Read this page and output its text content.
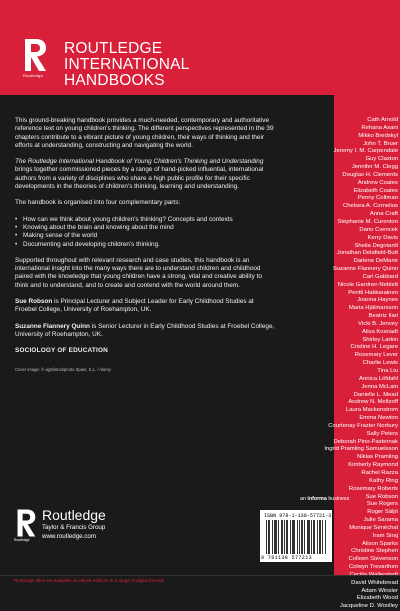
Routledge
ROUTLEDGE
INTERNATIONAL
HANDBOOKS
Cath Arnold
Rehana Asani
Mikko Bredskyl
John T. Bruer
Jeremy I. M. Carpendale
Guy Claxton
Jennifer M. Clegg
Douglas H. Clements
Andrew Coates
Elizabeth Coates
Penny Coltman
Chelsea A. Cornelius
Anna Craft
Stephanie M. Curenton
Dario Cvencek
Kerry Davis
Sheila Degotardi
Jonathan Delafield-Butt
Darlene DeMarie
Suzanne Flannery Quinn
Carl Gabbard
Nicole Gardner-Neblett
Pentti Hakkarainen
Joanna Haynes
Maria Hjälmarsson
Beatriz Ilari
Vicki B. Jenvey
Alisa Kosnadt
Shirley Larkin
Cristine H. Legare
Rosemary Lever
Charlie Lewis
Tina Liu
Annica Löfdahl
Jenna McLain
Danielle L. Mead
Andrew N. Meltzoff
Laura Mackenstrom
Emma Newton
Courtenay Frazier Norbury
Sally Peters
Deborah Pino-Pasternak
Ingrid Pramling Samuelsson
Niklas Pramling
Kimberly Raymond
Rachel Razza
Kathy Ring
Rosemary Roberts
Sue Robson
Sue Rogers
Roger Säljö
Julie Sarama
Monique Sénéchal
Iram Siraj
Alison Sparks
Christine Stephen
Colleen Stevenson
Colwyn Trevarthen
David Whitebread
Adam Winsler
Elizabeth Wood
Jacqueline D. Woolley

This ground-breaking handbook provides a much-needed, contemporary and authoritative reference text on young children's thinking. The different perspectives represented in the 39 chapters contribute to a vibrant picture of young children, their ways of thinking and their efforts at understanding, constructing and navigating the world.

The Routledge International Handbook of Young Children's Thinking and Understanding brings together commissioned pieces by a range of hand-picked influential, international authors from a variety of disciplines who share a high public profile for their specific developments in the theories of children's thinking, learning and understanding.

The handbook is organised into four complementary parts:

• How can we think about young children's thinking? Concepts and contexts
• Knowing about the brain and knowing about the mind
• Making sense of the world
• Documenting and developing children's thinking.

Supported throughout with relevant research and case studies, this handbook is an international insight into the many ways there are to understand children and childhood paired with the knowledge that young children have a strong, vital and creative ability to think and to understand, and to create and contend with the world around them.

Sue Robson is Principal Lecturer and Subject Leader for Early Childhood Studies at Froebel College, University of Roehampton, UK.

Suzanne Flannery Quinn is Senior Lecturer in Early Childhood Studies at Froebel College, University of Roehampton, UK.

SOCIOLOGY OF EDUCATION
Cover image: © ags/istockphoto Spain, S.L. / Alamy
an informa business
ISBN 978-1-138-57721-3
9 781138 577213
Routledge
Routledge
Taylor & Francis Group
www.routledge.com
Routledge titles are available as eBook editions in a range of digital formats
